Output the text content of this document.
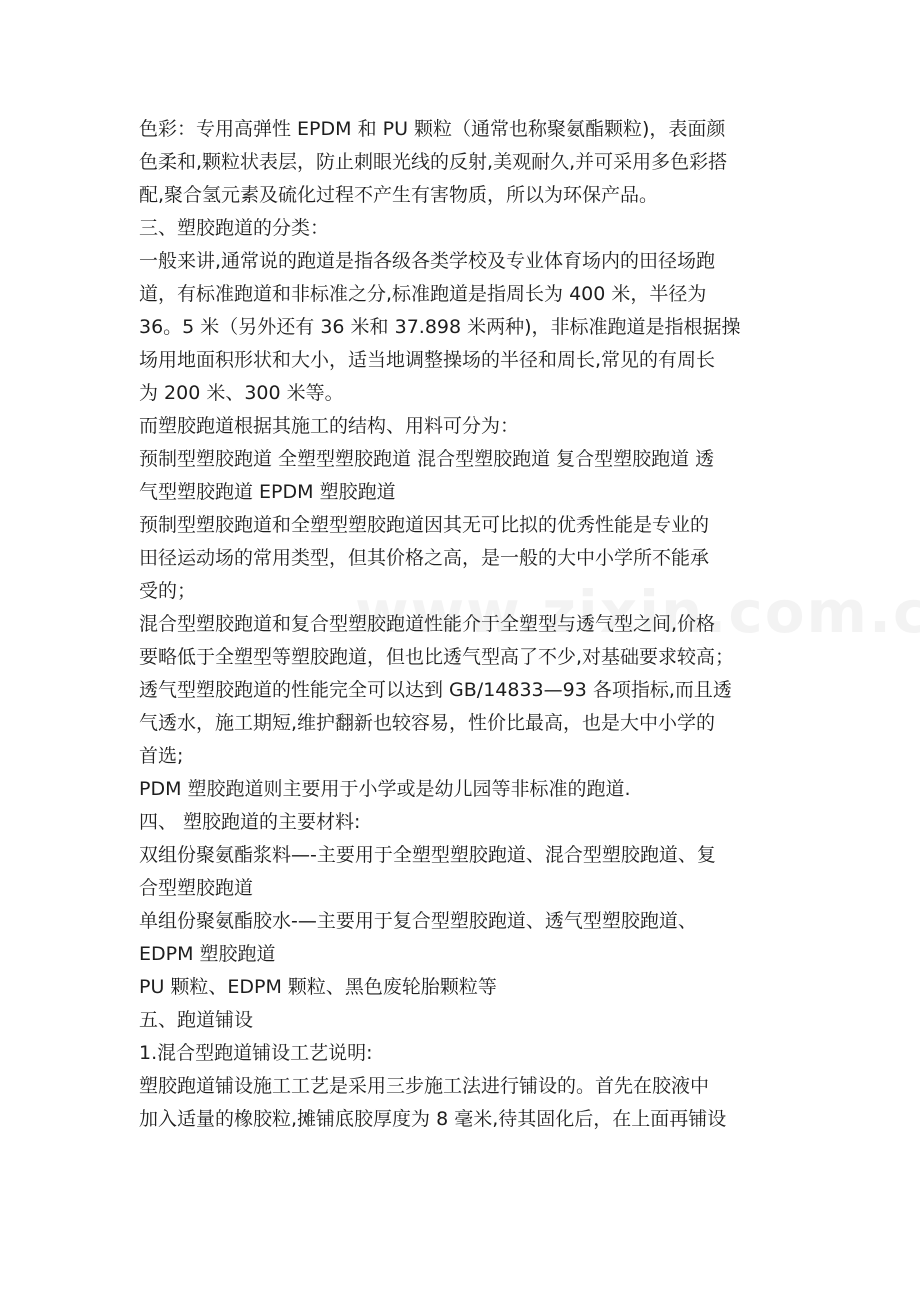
色彩：专用高弹性 EPDM 和 PU 颗粒（通常也称聚氨酯颗粒)，表面颜
色柔和,颗粒状表层，防止刺眼光线的反射,美观耐久,并可采用多色彩搭
配,聚合氢元素及硫化过程不产生有害物质，所以为环保产品。

三、塑胶跑道的分类：

一般来讲,通常说的跑道是指各级各类学校及专业体育场内的田径场跑
道，有标准跑道和非标准之分,标准跑道是指周长为 400 米，半径为
36。5 米（另外还有 36 米和 37.898 米两种)，非标准跑道是指根据操
场用地面积形状和大小，适当地调整操场的半径和周长,常见的有周长
为 200 米、300 米等。

而塑胶跑道根据其施工的结构、用料可分为：

预制型塑胶跑道 全塑型塑胶跑道 混合型塑胶跑道 复合型塑胶跑道 透
气型塑胶跑道 EPDM 塑胶跑道

预制型塑胶跑道和全塑型塑胶跑道因其无可比拟的优秀性能是专业的
田径运动场的常用类型，但其价格之高，是一般的大中小学所不能承
受的；

混合型塑胶跑道和复合型塑胶跑道性能介于全塑型与透气型之间,价格
要略低于全塑型等塑胶跑道，但也比透气型高了不少,对基础要求较高；

透气型塑胶跑道的性能完全可以达到 GB/14833—93 各项指标,而且透
气透水，施工期短,维护翻新也较容易，性价比最高，也是大中小学的
首选;

PDM 塑胶跑道则主要用于小学或是幼儿园等非标准的跑道.

四、 塑胶跑道的主要材料:

双组份聚氨酯浆料—-主要用于全塑型塑胶跑道、混合型塑胶跑道、复
合型塑胶跑道

单组份聚氨酯胶水-—主要用于复合型塑胶跑道、透气型塑胶跑道、
EDPM 塑胶跑道

PU 颗粒、EDPM 颗粒、黑色废轮胎颗粒等

五、跑道铺设

1.混合型跑道铺设工艺说明:

塑胶跑道铺设施工工艺是采用三步施工法进行铺设的。首先在胶液中
加入适量的橡胶粒,摊铺底胶厚度为 8 毫米,待其固化后，在上面再铺设
